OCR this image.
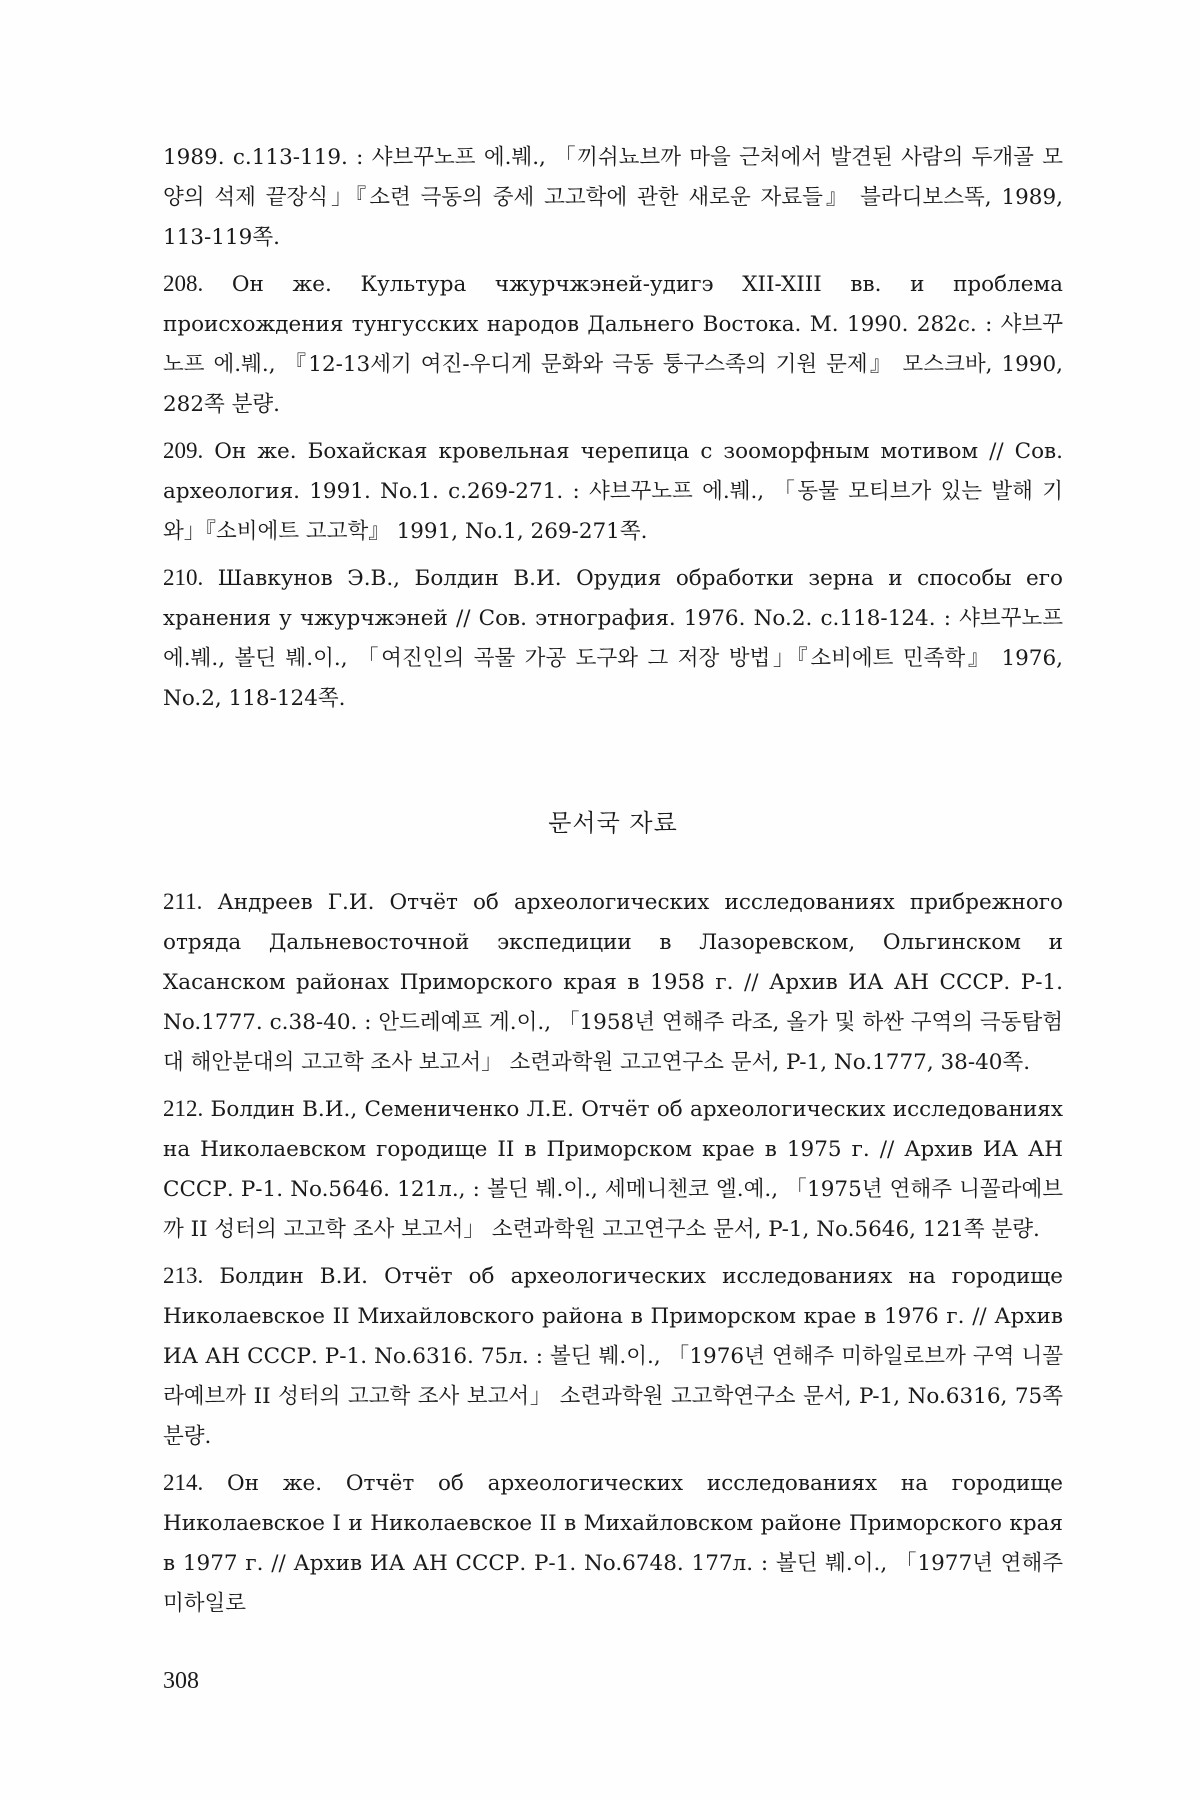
1989. c.113-119. : 샤브꾸노프 에.붸., 「끼쉬뇨브까 마을 근처에서 발견된 사람의 두개골 모양의 석제 끝장식」『소련 극동의 중세 고고학에 관한 새로운 자료들』 블라디보스똑, 1989, 113-119쪽.
208. Он же. Культура чжурчжэней-удигэ XII-XIII вв. и проблема происхождения тунгусских народов Дальнего Востока. М. 1990. 282с. : 샤브꾸노프 에.붸., 『12-13세기 여진-우디게 문화와 극동 퉁구스족의 기원 문제』 모스크바, 1990, 282쪽 분량.
209. Он же. Бохайская кровельная черепица с зооморфным мотивом // Сов. археология. 1991. No.1. с.269-271. : 샤브꾸노프 에.붸., 「동물 모티브가 있는 발해 기와」『소비에트 고고학』 1991, No.1, 269-271쪽.
210. Шавкунов Э.В., Болдин В.И. Орудия обработки зерна и способы его хранения у чжурчжэней // Сов. этнография. 1976. No.2. с.118-124. : 샤브꾸노프 에.붸., 볼딘 붸.이., 「여진인의 곡물 가공 도구와 그 저장 방법」『소비에트 민족학』 1976, No.2, 118-124쪽.
문서국 자료
211. Андреев Г.И. Отчёт об археологических исследованиях прибрежного отряда Дальневосточной экспедиции в Лазоревском, Ольгинском и Хасанском районах Приморского края в 1958 г. // Архив ИА АН СССР. Р-1. No.1777. с.38-40. : 안드레예프 게.이., 「1958년 연해주 라조, 올가 및 하싼 구역의 극동탐험대 해안분대의 고고학 조사 보고서」 소련과학원 고고연구소 문서, P-1, No.1777, 38-40쪽.
212. Болдин В.И., Семениченко Л.Е. Отчёт об археологических исследованиях на Николаевском городище II в Приморском крае в 1975 г. // Архив ИА АН СССР. Р-1. No.5646. 121л., : 볼딘 붸.이., 세메니첸코 엘.예., 「1975년 연해주 니꼴라예브까 II 성터의 고고학 조사 보고서」 소련과학원 고고연구소 문서, P-1, No.5646, 121쪽 분량.
213. Болдин В.И. Отчёт об археологических исследованиях на городище Николаевское II Михайловского района в Приморском крае в 1976 г. // Архив ИА АН СССР. Р-1. No.6316. 75л. : 볼딘 붸.이., 「1976년 연해주 미하일로브까 구역 니꼴라예브까 II 성터의 고고학 조사 보고서」 소련과학원 고고학연구소 문서, P-1, No.6316, 75쪽 분량.
214. Он же. Отчёт об археологических исследованиях на городище Николаевское I и Николаевское II в Михайловском районе Приморского края в 1977 г. // Архив ИА АН СССР. Р-1. No.6748. 177л. : 볼딘 붸.이., 「1977년 연해주 미하일로
308
